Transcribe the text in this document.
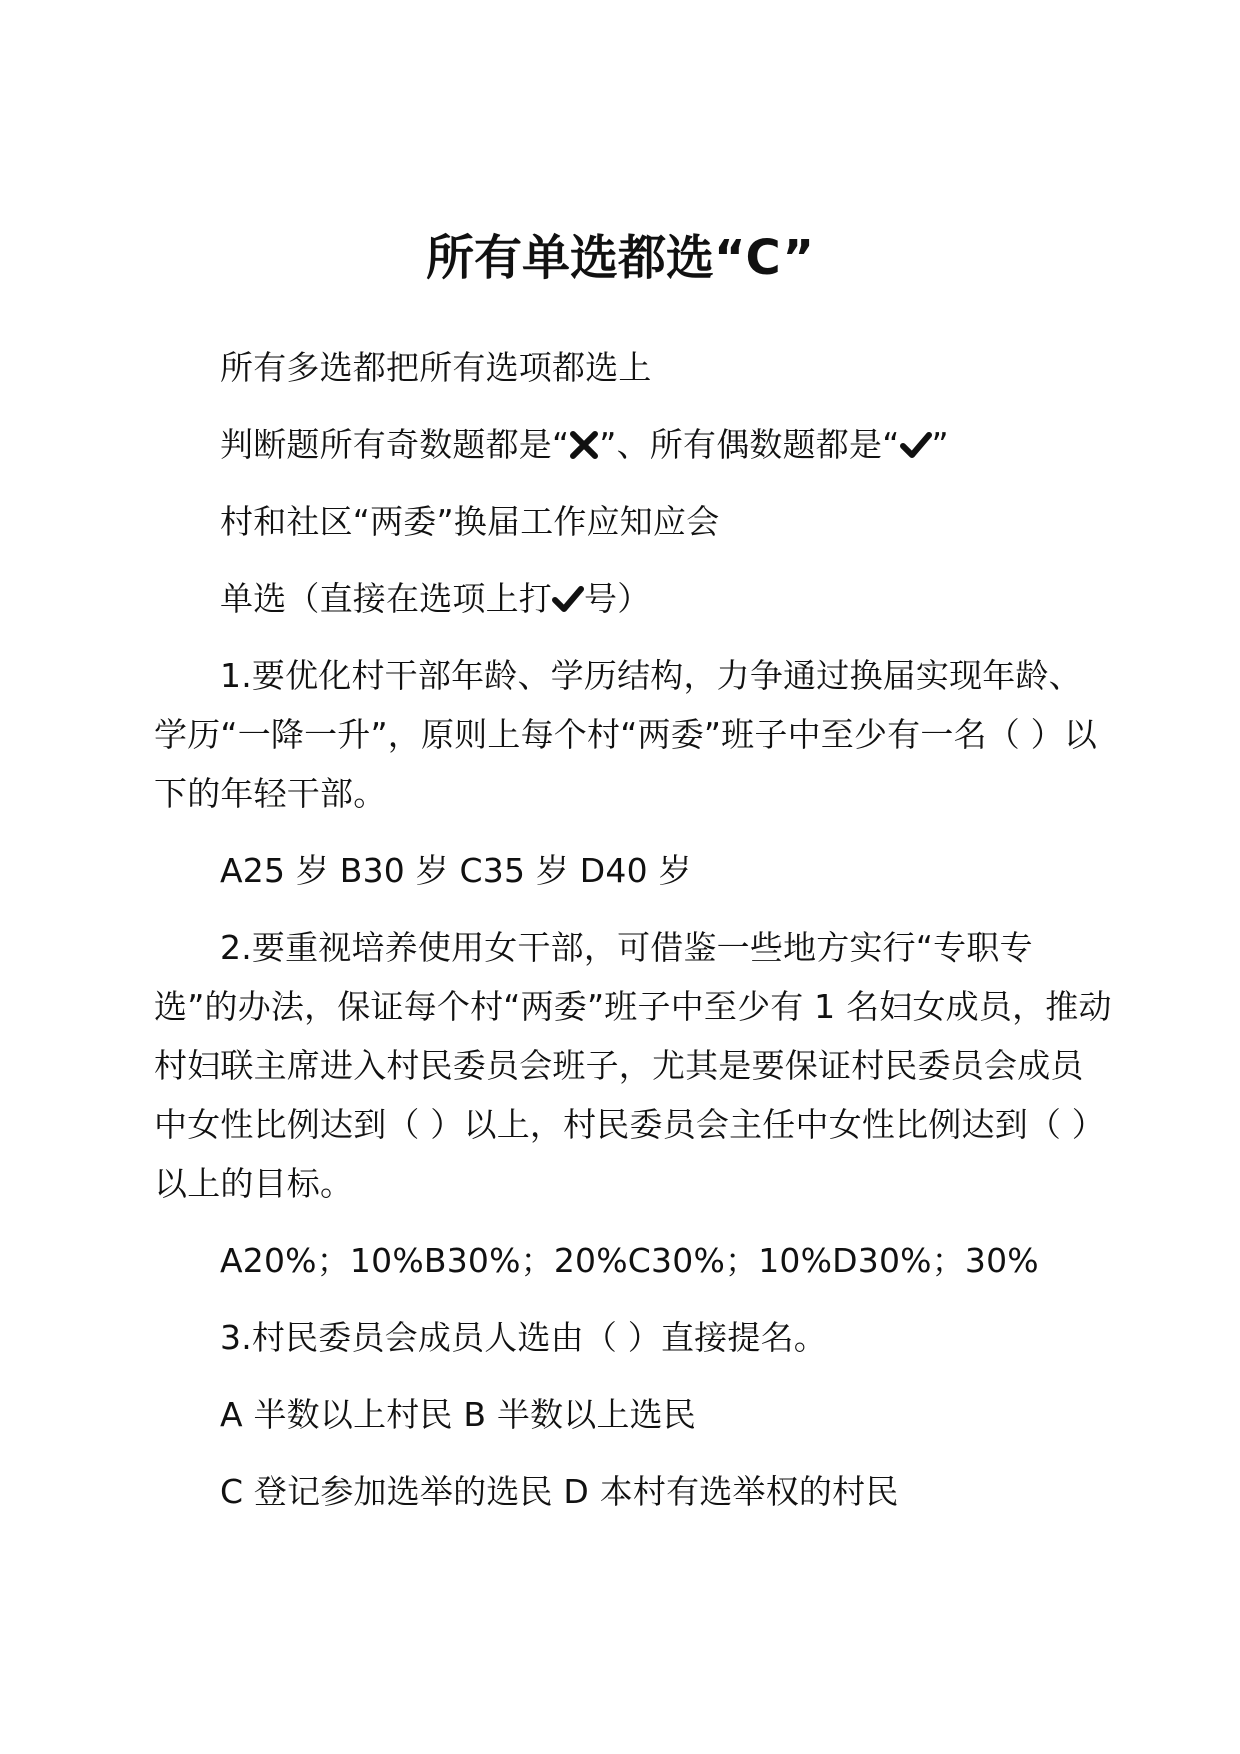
所有单选都选“C”

所有多选都把所有选项都选上

判断题所有奇数题都是“ ”、所有偶数题都是“ ”

村和社区“两委”换届工作应知应会

单选（直接在选项上打 号）

1.要优化村干部年龄、学历结构，力争通过换届实现年龄、学历“一降一升”，原则上每个村“两委”班子中至少有一名（ ）以下的年轻干部。

A25 岁 B30 岁 C35 岁 D40 岁

2.要重视培养使用女干部，可借鉴一些地方实行“专职专选”的办法，保证每个村“两委”班子中至少有 1 名妇女成员，推动村妇联主席进入村民委员会班子，尤其是要保证村民委员会成员中女性比例达到（ ）以上，村民委员会主任中女性比例达到（ ）以上的目标。

A20%；10%B30%；20%C30%；10%D30%；30%

3.村民委员会成员人选由（ ）直接提名。

A 半数以上村民 B 半数以上选民

C 登记参加选举的选民 D 本村有选举权的村民
